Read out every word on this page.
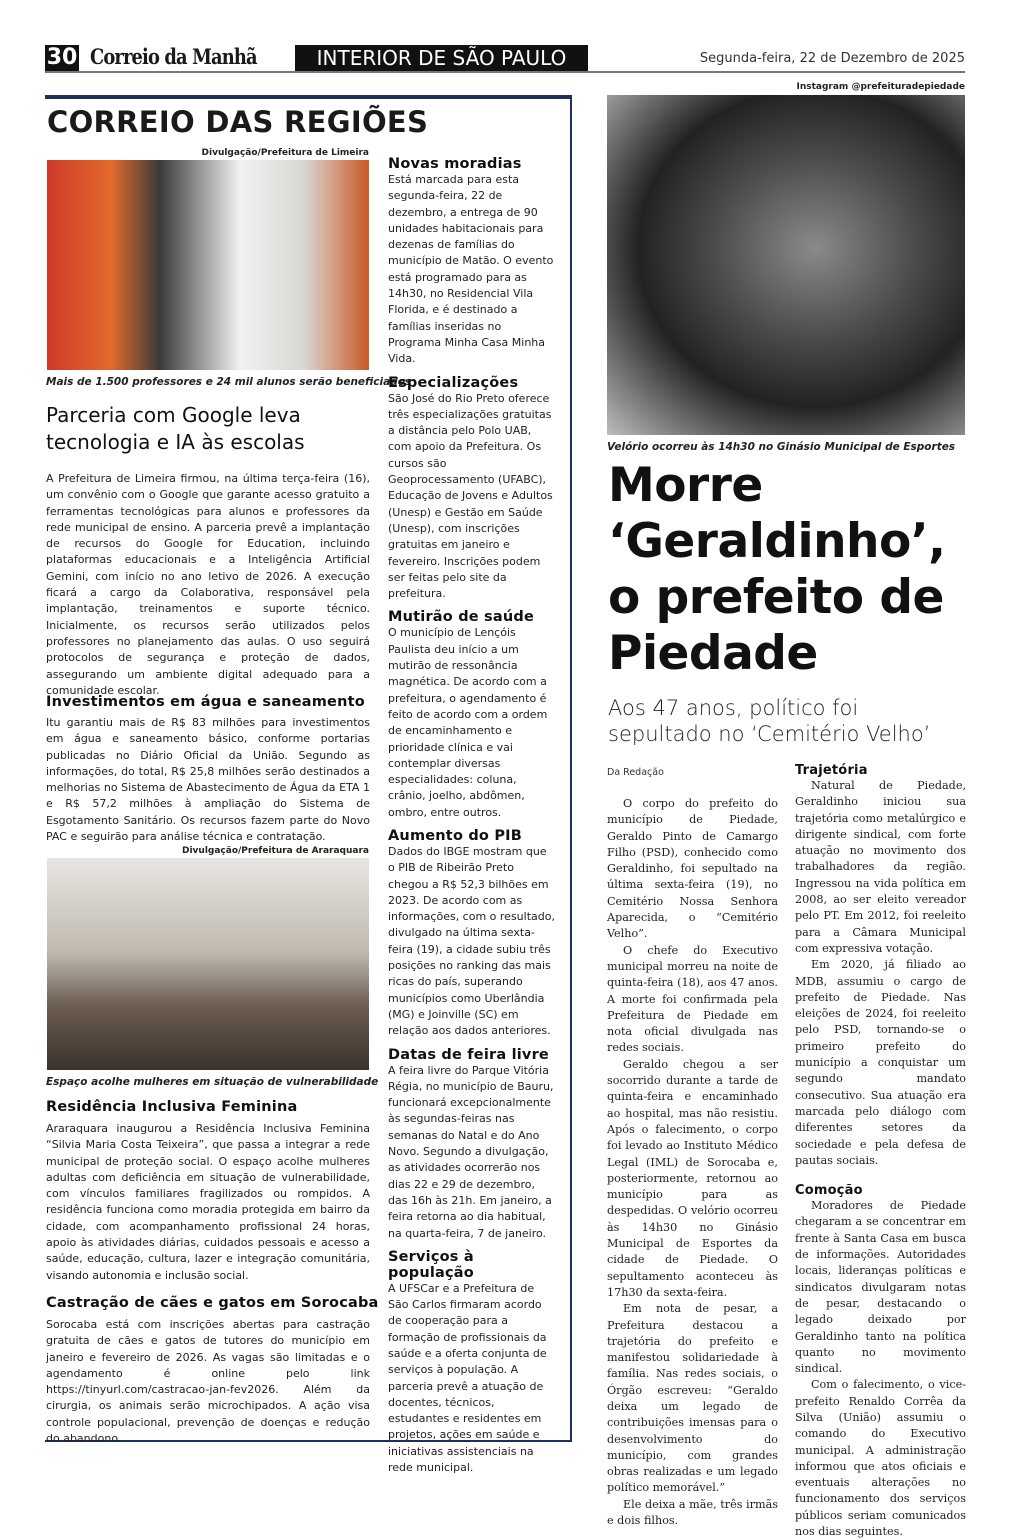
30 Correio da Manhã	INTERIOR DE SÃO PAULO	Segunda-feira, 22 de Dezembro de 2025
CORREIO DAS REGIÕES
Divulgação/Prefeitura de Limeira
Mais de 1.500 professores e 24 mil alunos serão beneficiados
Parceria com Google leva tecnologia e IA às escolas
A Prefeitura de Limeira firmou, na última terça-feira (16), um convênio com o Google que garante acesso gratuito a ferramentas tecnológicas para alunos e professores da rede municipal de ensino. A parceria prevê a implantação de recursos do Google for Education, incluindo plataformas educacionais e a Inteligência Artificial Gemini, com início no ano letivo de 2026. A execução ficará a cargo da Colaborativa, responsável pela implantação, treinamentos e suporte técnico. Inicialmente, os recursos serão utilizados pelos professores no planejamento das aulas. O uso seguirá protocolos de segurança e proteção de dados, assegurando um ambiente digital adequado para a comunidade escolar.
Investimentos em água e saneamento
Itu garantiu mais de R$ 83 milhões para investimentos em água e saneamento básico, conforme portarias publicadas no Diário Oficial da União. Segundo as informações, do total, R$ 25,8 milhões serão destinados a melhorias no Sistema de Abastecimento de Água da ETA 1 e R$ 57,2 milhões à ampliação do Sistema de Esgotamento Sanitário. Os recursos fazem parte do Novo PAC e seguirão para análise técnica e contratação.
Divulgação/Prefeitura de Araraquara
Espaço acolhe mulheres em situação de vulnerabilidade
Residência Inclusiva Feminina
Araraquara inaugurou a Residência Inclusiva Feminina “Silvia Maria Costa Teixeira”, que passa a integrar a rede municipal de proteção social. O espaço acolhe mulheres adultas com deficiência em situação de vulnerabilidade, com vínculos familiares fragilizados ou rompidos. A residência funciona como moradia protegida em bairro da cidade, com acompanhamento profissional 24 horas, apoio às atividades diárias, cuidados pessoais e acesso a saúde, educação, cultura, lazer e integração comunitária, visando autonomia e inclusão social.
Castração de cães e gatos em Sorocaba
Sorocaba está com inscrições abertas para castração gratuita de cães e gatos de tutores do município em janeiro e fevereiro de 2026. As vagas são limitadas e o agendamento é online pelo link https://tinyurl.com/castracao-jan-fev2026. Além da cirurgia, os animais serão microchipados. A ação visa controle populacional, prevenção de doenças e redução do abandono.
Novas moradias
Está marcada para esta segunda-feira, 22 de dezembro, a entrega de 90 unidades habitacionais para dezenas de famílias do município de Matão. O evento está programado para as 14h30, no Residencial Vila Florida, e é destinado a famílias inseridas no Programa Minha Casa Minha Vida.
Especializações
São José do Rio Preto oferece três especializações gratuitas a distância pelo Polo UAB, com apoio da Prefeitura. Os cursos são Geoprocessamento (UFABC), Educação de Jovens e Adultos (Unesp) e Gestão em Saúde (Unesp), com inscrições gratuitas em janeiro e fevereiro. Inscrições podem ser feitas pelo site da prefeitura.
Mutirão de saúde
O município de Lençóis Paulista deu início a um mutirão de ressonância magnética. De acordo com a prefeitura, o agendamento é feito de acordo com a ordem de encaminhamento e prioridade clínica e vai contemplar diversas especialidades: coluna, crânio, joelho, abdômen, ombro, entre outros.
Aumento do PIB
Dados do IBGE mostram que o PIB de Ribeirão Preto chegou a R$ 52,3 bilhões em 2023. De acordo com as informações, com o resultado, divulgado na última sexta-feira (19), a cidade subiu três posições no ranking das mais ricas do país, superando municípios como Uberlândia (MG) e Joinville (SC) em relação aos dados anteriores.
Datas de feira livre
A feira livre do Parque Vitória Régia, no município de Bauru, funcionará excepcionalmente às segundas-feiras nas semanas do Natal e do Ano Novo. Segundo a divulgação, as atividades ocorrerão nos dias 22 e 29 de dezembro, das 16h às 21h. Em janeiro, a feira retorna ao dia habitual, na quarta-feira, 7 de janeiro.
Serviços à população
A UFSCar e a Prefeitura de São Carlos firmaram acordo de cooperação para a formação de profissionais da saúde e a oferta conjunta de serviços à população. A parceria prevê a atuação de docentes, técnicos, estudantes e residentes em projetos, ações em saúde e iniciativas assistenciais na rede municipal.
Instagram @prefeituradepiedade
Velório ocorreu às 14h30 no Ginásio Municipal de Esportes
Morre ‘Geraldinho’, o prefeito de Piedade
Aos 47 anos, político foi sepultado no ‘Cemitério Velho’
Da Redação

O corpo do prefeito do município de Piedade, Geraldo Pinto de Camargo Filho (PSD), conhecido como Geraldinho, foi sepultado na última sexta-feira (19), no Cemitério Nossa Senhora Aparecida, o “Cemitério Velho”.

O chefe do Executivo municipal morreu na noite de quinta-feira (18), aos 47 anos. A morte foi confirmada pela Prefeitura de Piedade em nota oficial divulgada nas redes sociais.

Geraldo chegou a ser socorrido durante a tarde de quinta-feira e encaminhado ao hospital, mas não resistiu. Após o falecimento, o corpo foi levado ao Instituto Médico Legal (IML) de Sorocaba e, posteriormente, retornou ao município para as despedidas. O velório ocorreu às 14h30 no Ginásio Municipal de Esportes da cidade de Piedade. O sepultamento aconteceu às 17h30 da sexta-feira.

Em nota de pesar, a Prefeitura destacou a trajetória do prefeito e manifestou solidariedade à família. Nas redes sociais, o Órgão escreveu: “Geraldo deixa um legado de contribuições imensas para o desenvolvimento do município, com grandes obras realizadas e um legado político memorável.”

Ele deixa a mãe, três irmãs e dois filhos.

Trajetória

Natural de Piedade, Geraldinho iniciou sua trajetória como metalúrgico e dirigente sindical, com forte atuação no movimento dos trabalhadores da região. Ingressou na vida política em 2008, ao ser eleito vereador pelo PT. Em 2012, foi reeleito para a Câmara Municipal com expressiva votação.

Em 2020, já filiado ao MDB, assumiu o cargo de prefeito de Piedade. Nas eleições de 2024, foi reeleito pelo PSD, tornando-se o primeiro prefeito do município a conquistar um segundo mandato consecutivo. Sua atuação era marcada pelo diálogo com diferentes setores da sociedade e pela defesa de pautas sociais.

Comoção

Moradores de Piedade chegaram a se concentrar em frente à Santa Casa em busca de informações. Autoridades locais, lideranças políticas e sindicatos divulgaram notas de pesar, destacando o legado deixado por Geraldinho tanto na política quanto no movimento sindical.

Com o falecimento, o vice-prefeito Renaldo Corrêa da Silva (União) assumiu o comando do Executivo municipal. A administração informou que atos oficiais e eventuais alterações no funcionamento dos serviços públicos seriam comunicados nos dias seguintes.
